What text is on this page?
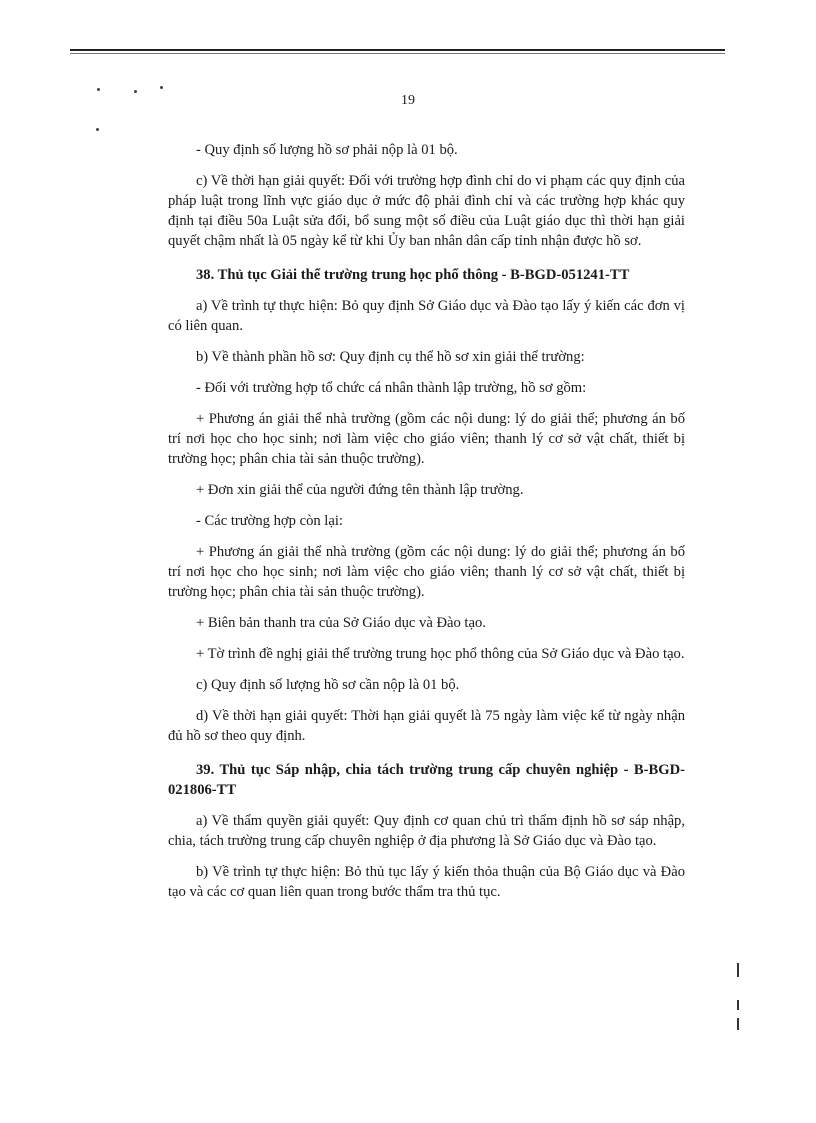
19

- Quy định số lượng hồ sơ phải nộp là 01 bộ.

c) Về thời hạn giải quyết: Đối với trường hợp đình chỉ do vi phạm các quy định của pháp luật trong lĩnh vực giáo dục ở mức độ phải đình chỉ và các trường hợp khác quy định tại điều 50a Luật sửa đổi, bổ sung một số điều của Luật giáo dục thì thời hạn giải quyết chậm nhất là 05 ngày kể từ khi Ủy ban nhân dân cấp tỉnh nhận được hồ sơ.

38. Thủ tục Giải thể trường trung học phổ thông - B-BGD-051241-TT

a) Về trình tự thực hiện: Bỏ quy định Sở Giáo dục và Đào tạo lấy ý kiến các đơn vị có liên quan.

b) Về thành phần hồ sơ: Quy định cụ thể hồ sơ xin giải thể trường:

- Đối với trường hợp tổ chức cá nhân thành lập trường, hồ sơ gồm:

+ Phương án giải thể nhà trường (gồm các nội dung: lý do giải thể; phương án bố trí nơi học cho học sinh; nơi làm việc cho giáo viên; thanh lý cơ sở vật chất, thiết bị trường học; phân chia tài sản thuộc trường).

+ Đơn xin giải thể của người đứng tên thành lập trường.

- Các trường hợp còn lại:

+ Phương án giải thể nhà trường (gồm các nội dung: lý do giải thể; phương án bố trí nơi học cho học sinh; nơi làm việc cho giáo viên; thanh lý cơ sở vật chất, thiết bị trường học; phân chia tài sản thuộc trường).

+ Biên bản thanh tra của Sở Giáo dục và Đào tạo.

+ Tờ trình đề nghị giải thể trường trung học phổ thông của Sở Giáo dục và Đào tạo.

c) Quy định số lượng hồ sơ cần nộp là 01 bộ.

d) Về thời hạn giải quyết: Thời hạn giải quyết là 75 ngày làm việc kể từ ngày nhận đủ hồ sơ theo quy định.

39. Thủ tục Sáp nhập, chia tách trường trung cấp chuyên nghiệp - B-BGD-021806-TT

a) Về thẩm quyền giải quyết: Quy định cơ quan chủ trì thẩm định hồ sơ sáp nhập, chia, tách trường trung cấp chuyên nghiệp ở địa phương là Sở Giáo dục và Đào tạo.

b) Về trình tự thực hiện: Bỏ thủ tục lấy ý kiến thỏa thuận của Bộ Giáo dục và Đào tạo và các cơ quan liên quan trong bước thẩm tra thủ tục.
